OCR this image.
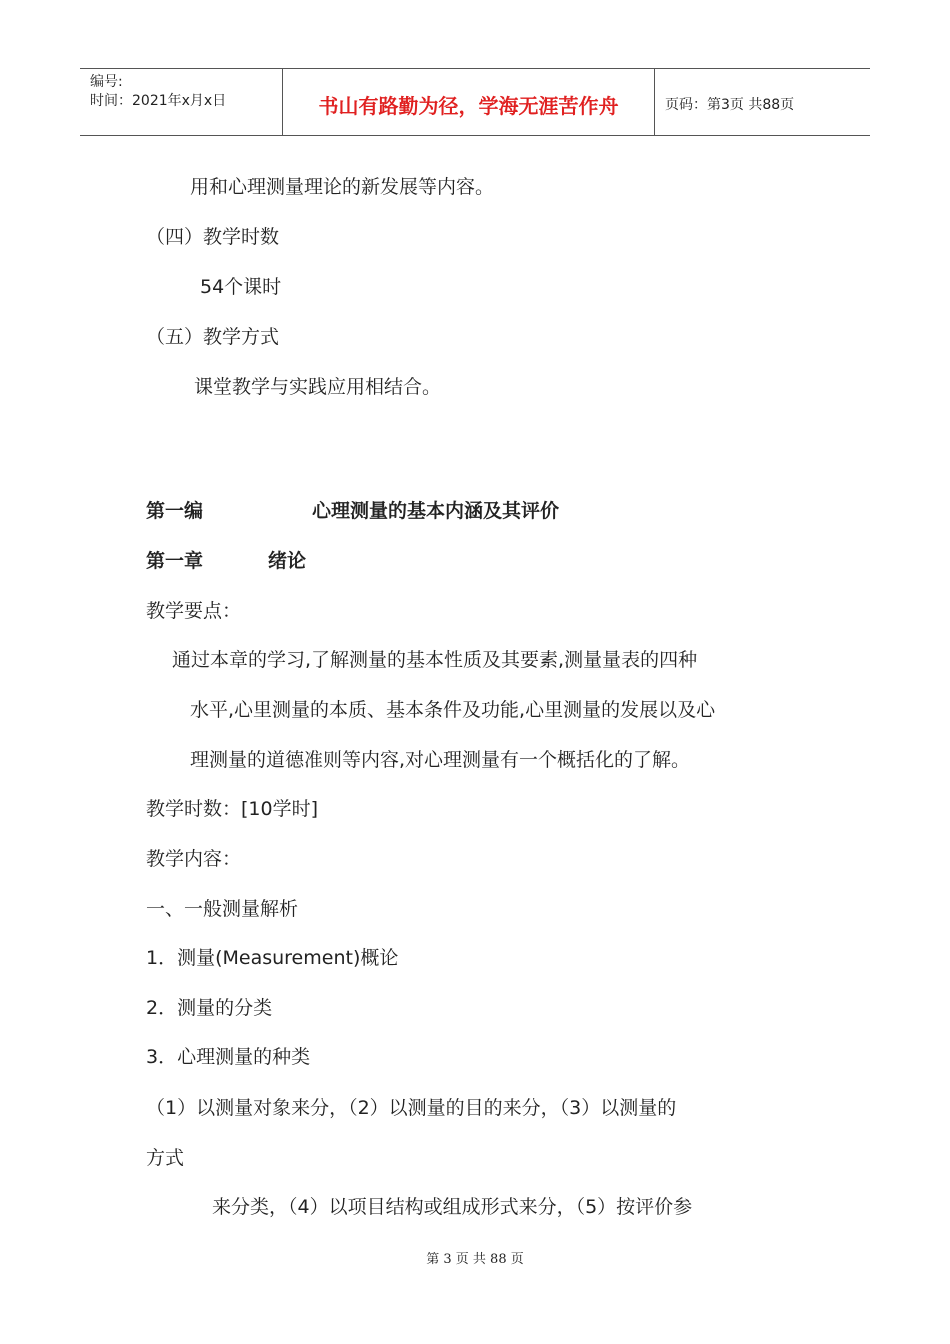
编号:
时间：2021年x月x日	书山有路勤为径，学海无涯苦作舟	页码：第3页 共88页
用和心理测量理论的新发展等内容。
（四）教学时数
54个课时
（五）教学方式
课堂教学与实践应用相结合。
第一编	心理测量的基本内涵及其评价
第一章	绪论
教学要点：
通过本章的学习,了解测量的基本性质及其要素,测量量表的四种
水平,心里测量的本质、基本条件及功能,心里测量的发展以及心
理测量的道德准则等内容,对心理测量有一个概括化的了解。
教学时数：[10学时]
教学内容：
一、一般测量解析
1．测量(Measurement)概论
2．测量的分类
3．心理测量的种类
（1）以测量对象来分，（2）以测量的目的来分，（3）以测量的
方式
来分类，（4）以项目结构或组成形式来分，（5）按评价参
第 3 页 共 88 页
